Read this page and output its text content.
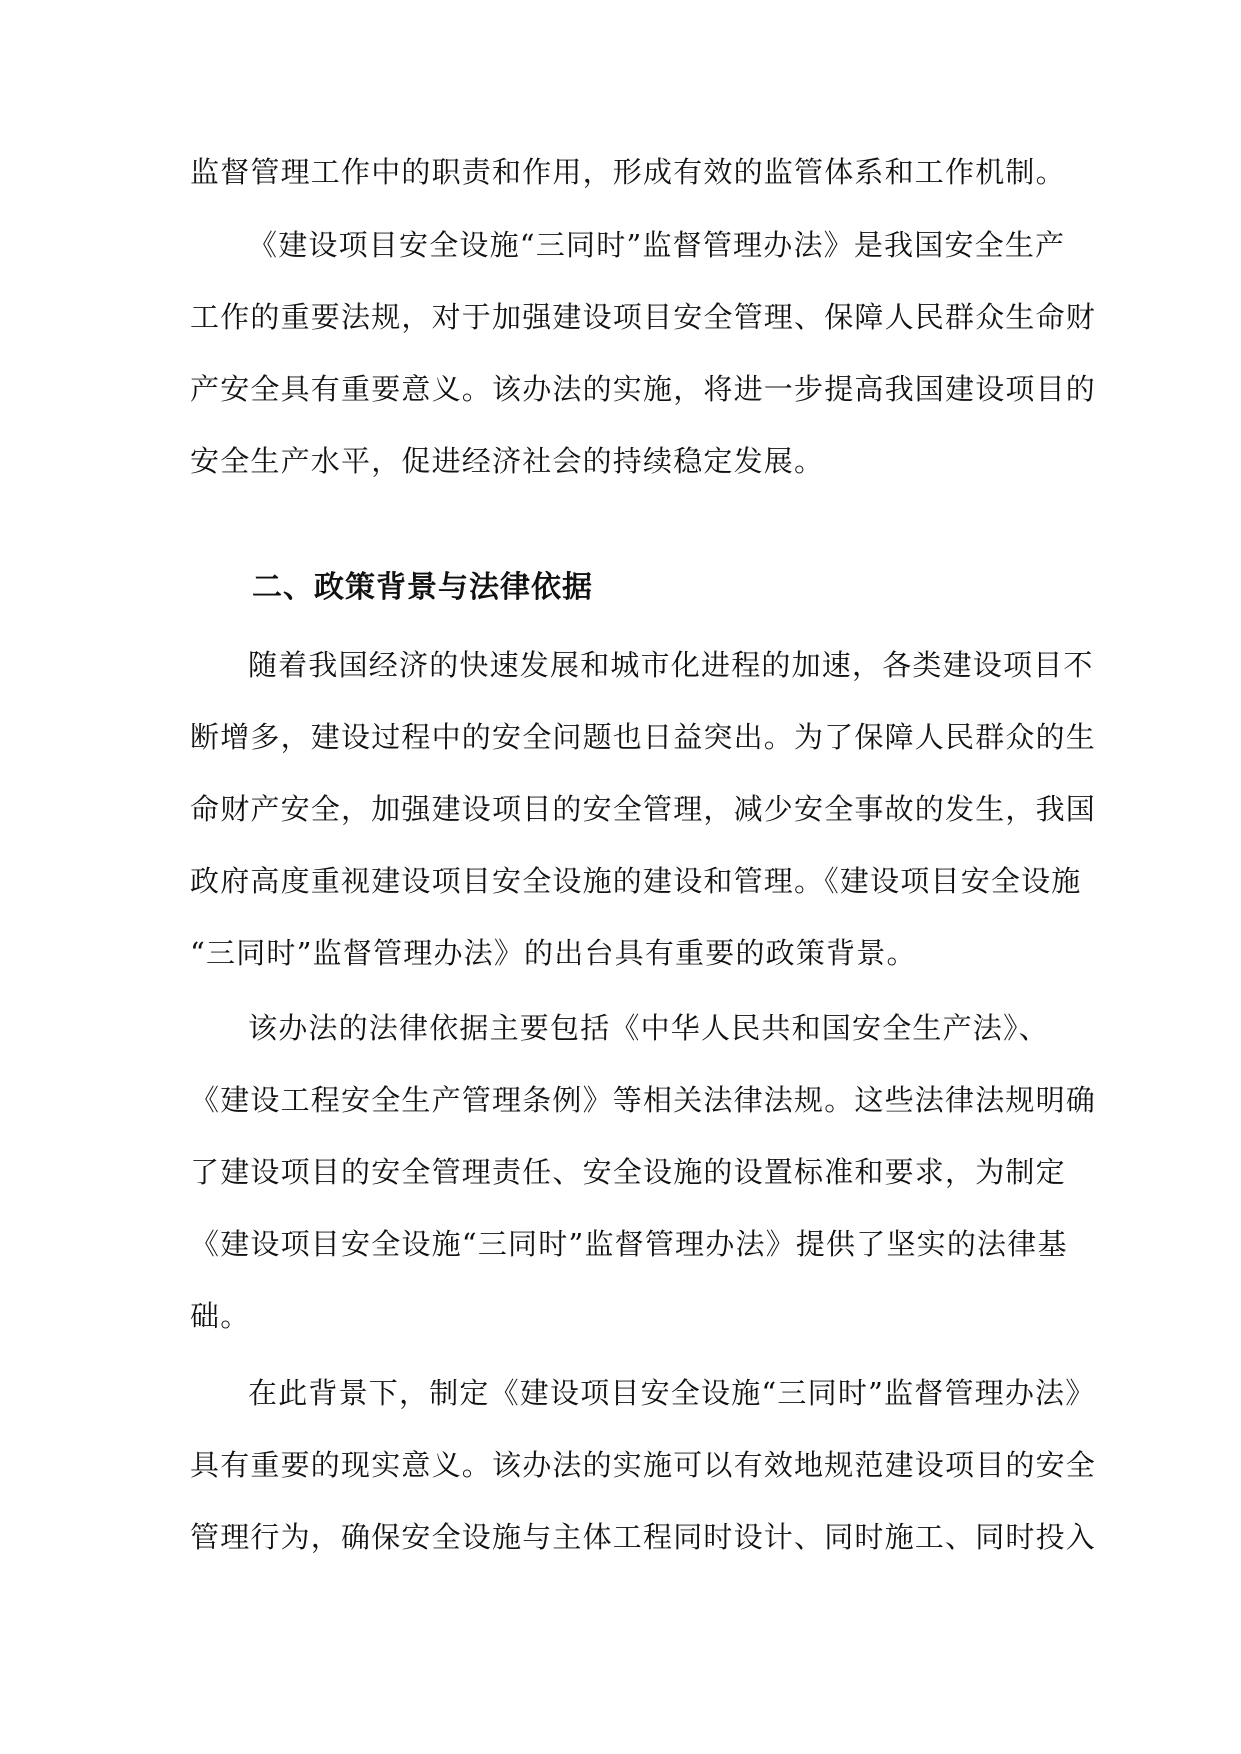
监督管理工作中的职责和作用，形成有效的监管体系和工作机制。
《建设项目安全设施“三同时”监督管理办法》是我国安全生产
工作的重要法规，对于加强建设项目安全管理、保障人民群众生命财
产安全具有重要意义。该办法的实施，将进一步提高我国建设项目的
安全生产水平，促进经济社会的持续稳定发展。
二、政策背景与法律依据
随着我国经济的快速发展和城市化进程的加速，各类建设项目不
断增多，建设过程中的安全问题也日益突出。为了保障人民群众的生
命财产安全，加强建设项目的安全管理，减少安全事故的发生，我国
政府高度重视建设项目安全设施的建设和管理。《建设项目安全设施
“三同时”监督管理办法》的出台具有重要的政策背景。
该办法的法律依据主要包括《中华人民共和国安全生产法》、
《建设工程安全生产管理条例》等相关法律法规。这些法律法规明确
了建设项目的安全管理责任、安全设施的设置标准和要求，为制定
《建设项目安全设施“三同时”监督管理办法》提供了坚实的法律基
础。
在此背景下，制定《建设项目安全设施“三同时”监督管理办法》
具有重要的现实意义。该办法的实施可以有效地规范建设项目的安全
管理行为，确保安全设施与主体工程同时设计、同时施工、同时投入
